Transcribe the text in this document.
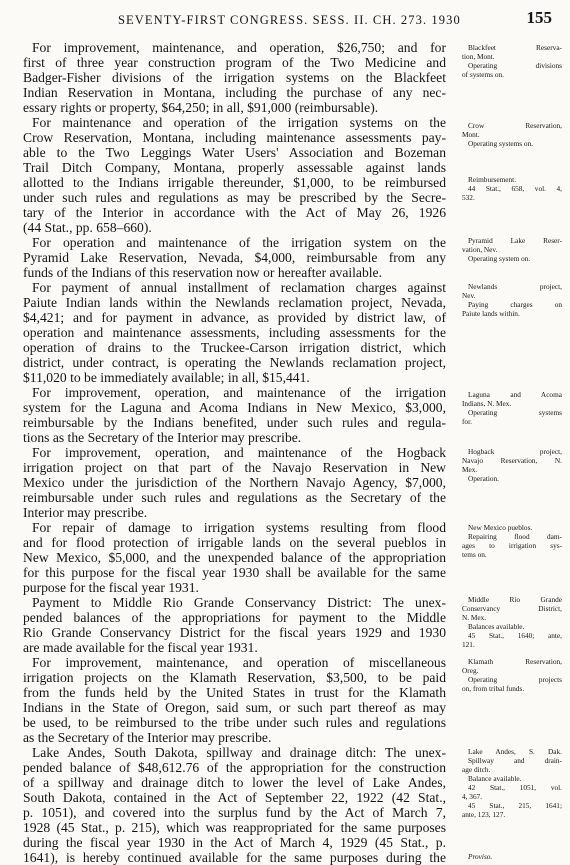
SEVENTY-FIRST CONGRESS. SESS. II. CH. 273. 1930	155
For improvement, maintenance, and operation, $26,750; and for
first of three year construction program of the Two Medicine and
Badger-Fisher divisions of the irrigation systems on the Blackfeet
Indian Reservation in Montana, including the purchase of any nec-
essary rights or property, $64,250; in all, $91,000 (reimbursable).
For maintenance and operation of the irrigation systems on the
Crow Reservation, Montana, including maintenance assessments pay-
able to the Two Leggings Water Users' Association and Bozeman
Trail Ditch Company, Montana, properly assessable against lands
allotted to the Indians irrigable thereunder, $1,000, to be reimbursed
under such rules and regulations as may be prescribed by the Secre-
tary of the Interior in accordance with the Act of May 26, 1926
(44 Stat., pp. 658–660).
For operation and maintenance of the irrigation system on the
Pyramid Lake Reservation, Nevada, $4,000, reimbursable from any
funds of the Indians of this reservation now or hereafter available.
For payment of annual installment of reclamation charges against
Paiute Indian lands within the Newlands reclamation project, Nevada,
$4,421; and for payment in advance, as provided by district law, of
operation and maintenance assessments, including assessments for the
operation of drains to the Truckee-Carson irrigation district, which
district, under contract, is operating the Newlands reclamation project,
$11,020 to be immediately available; in all, $15,441.
For improvement, operation, and maintenance of the irrigation
system for the Laguna and Acoma Indians in New Mexico, $3,000,
reimbursable by the Indians benefited, under such rules and regula-
tions as the Secretary of the Interior may prescribe.
For improvement, operation, and maintenance of the Hogback
irrigation project on that part of the Navajo Reservation in New
Mexico under the jurisdiction of the Northern Navajo Agency, $7,000,
reimbursable under such rules and regulations as the Secretary of the
Interior may prescribe.
For repair of damage to irrigation systems resulting from flood
and for flood protection of irrigable lands on the several pueblos in
New Mexico, $5,000, and the unexpended balance of the appropriation
for this purpose for the fiscal year 1930 shall be available for the same
purpose for the fiscal year 1931.
Payment to Middle Rio Grande Conservancy District: The unex-
pended balances of the appropriations for payment to the Middle
Rio Grande Conservancy District for the fiscal years 1929 and 1930
are made available for the fiscal year 1931.
For improvement, maintenance, and operation of miscellaneous
irrigation projects on the Klamath Reservation, $3,500, to be paid
from the funds held by the United States in trust for the Klamath
Indians in the State of Oregon, said sum, or such part thereof as may
be used, to be reimbursed to the tribe under such rules and regulations
as the Secretary of the Interior may prescribe.
Lake Andes, South Dakota, spillway and drainage ditch: The unex-
pended balance of $48,612.76 of the appropriation for the construction
of a spillway and drainage ditch to lower the level of Lake Andes,
South Dakota, contained in the Act of September 22, 1922 (42 Stat.,
p. 1051), and covered into the surplus fund by the Act of March 7,
1928 (45 Stat., p. 215), which was reappropriated for the same purposes
during the fiscal year 1930 in the Act of March 4, 1929 (45 Stat., p.
1641), is hereby continued available for the same purposes during the
Blackfeet Reserva-
tion, Mont.
Operating divisions
of systems on.
Crow Reservation,
Mont.
Operating systems on.
Reimbursement.
44 Stat., 658, vol. 4,
532.
Pyramid Lake Reser-
vation, Nev.
Operating system on.
Newlands project,
Nev.
Paying charges on
Paiute lands within.
Laguna and Acoma
Indians, N. Mex.
Operating systems
for.
Hogback project,
Navajo Reservation, N.
Mex.
Operation.
New Mexico pueblos.
Repairing flood dam-
ages to irrigation sys-
tems on.
Middle Rio Grande
Conservancy District,
N. Mex.
Balances available.
45 Stat., 1640; ante,
121.
Klamath Reservation,
Oreg.
Operating projects
on, from tribal funds.
Lake Andes, S. Dak.
Spillway and drain-
age ditch.
Balance available.
42 Stat., 1051, vol.
4, 367.
45 Stat., 215, 1641;
ante, 123, 127.
Proviso.
